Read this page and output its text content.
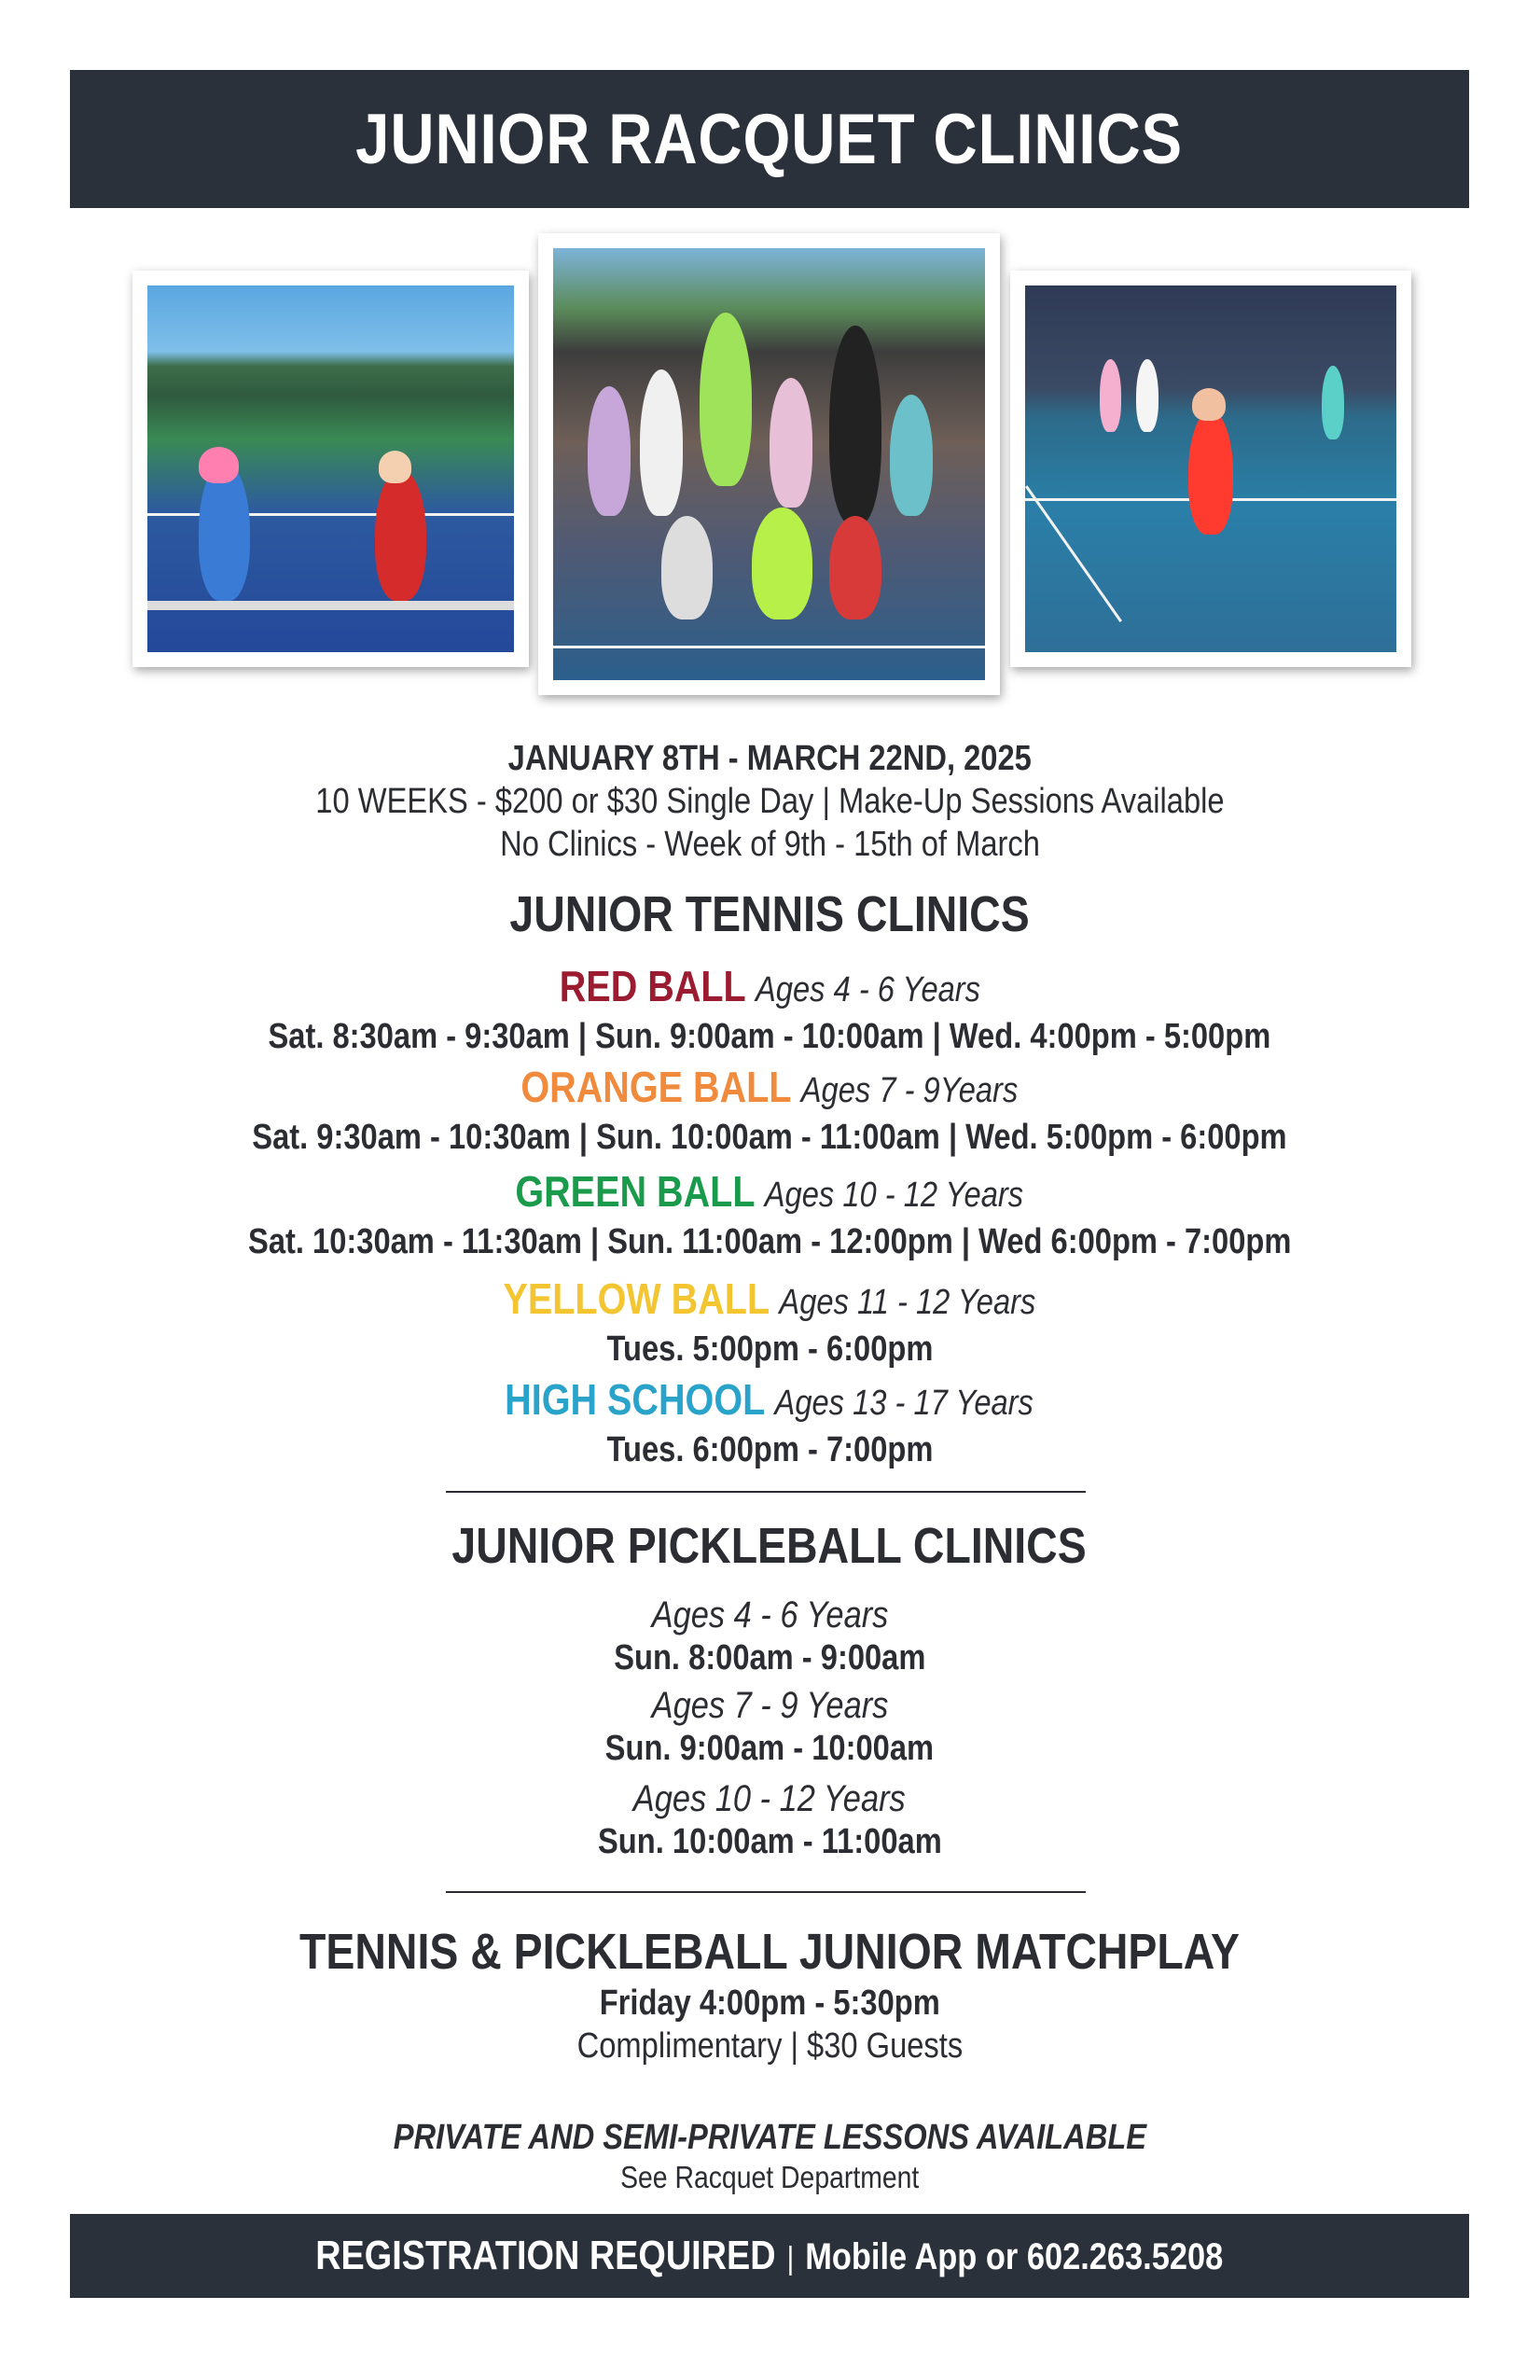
JUNIOR RACQUET CLINICS
JANUARY 8TH - MARCH 22ND, 2025
10 WEEKS - $200 or $30 Single Day | Make-Up Sessions Available
No Clinics - Week of 9th - 15th of March
JUNIOR TENNIS CLINICS
RED BALL Ages 4 - 6 Years
Sat. 8:30am - 9:30am | Sun. 9:00am - 10:00am | Wed. 4:00pm - 5:00pm
ORANGE BALL Ages 7 - 9Years
Sat. 9:30am - 10:30am | Sun. 10:00am - 11:00am | Wed. 5:00pm - 6:00pm
GREEN BALL Ages 10 - 12 Years
Sat. 10:30am - 11:30am | Sun. 11:00am - 12:00pm | Wed 6:00pm - 7:00pm
YELLOW BALL Ages 11 - 12 Years
Tues. 5:00pm - 6:00pm
HIGH SCHOOL Ages 13 - 17 Years
Tues. 6:00pm - 7:00pm
JUNIOR PICKLEBALL CLINICS
Ages 4 - 6 Years
Sun. 8:00am - 9:00am
Ages 7 - 9 Years
Sun. 9:00am - 10:00am
Ages 10 - 12 Years
Sun. 10:00am - 11:00am
TENNIS & PICKLEBALL JUNIOR MATCHPLAY
Friday 4:00pm - 5:30pm
Complimentary | $30 Guests
PRIVATE AND SEMI-PRIVATE LESSONS AVAILABLE
See Racquet Department
REGISTRATION REQUIRED | Mobile App or 602.263.5208
